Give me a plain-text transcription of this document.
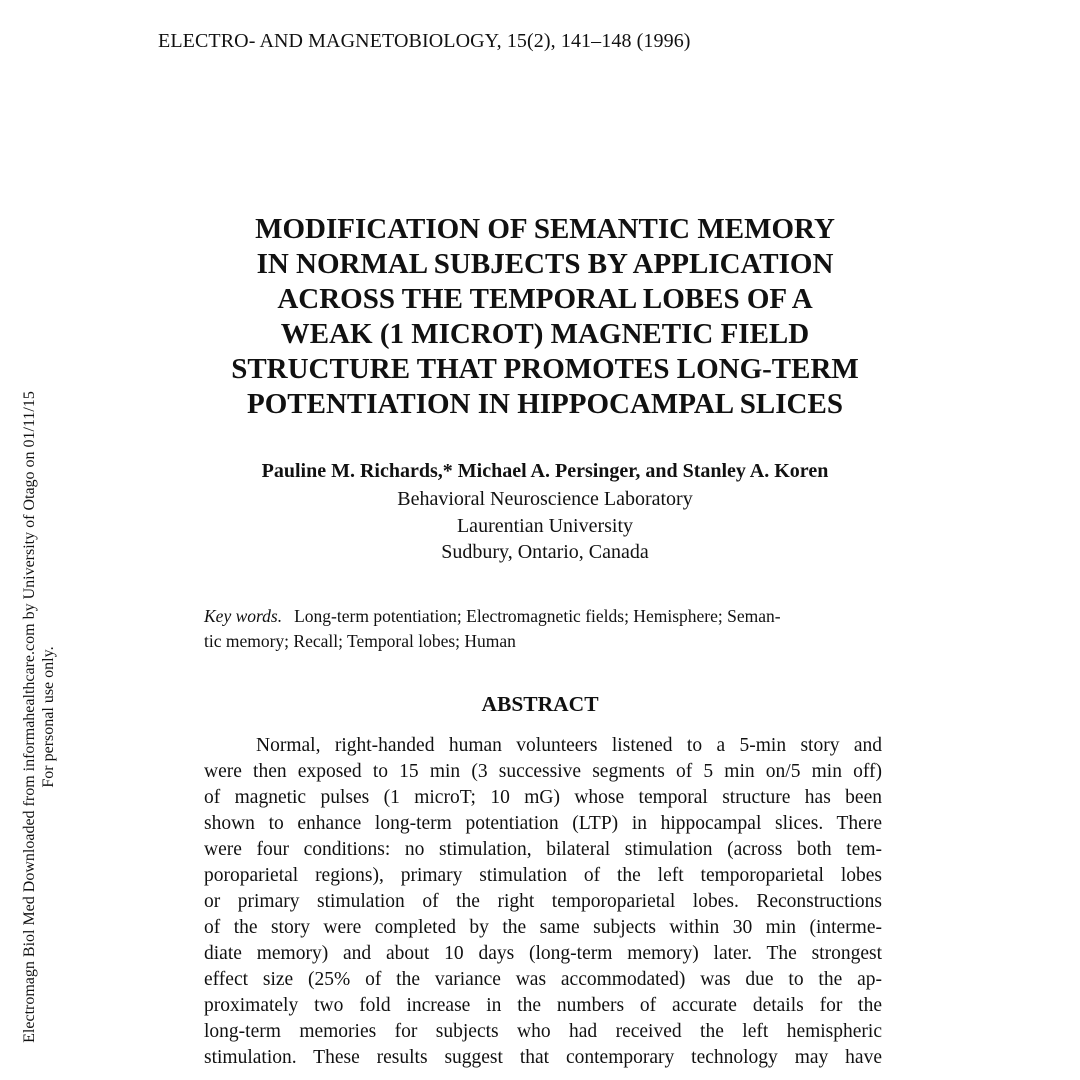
ELECTRO- AND MAGNETOBIOLOGY, 15(2), 141–148 (1996)
MODIFICATION OF SEMANTIC MEMORY
IN NORMAL SUBJECTS BY APPLICATION
ACROSS THE TEMPORAL LOBES OF A
WEAK (1 MICROT) MAGNETIC FIELD
STRUCTURE THAT PROMOTES LONG-TERM
POTENTIATION IN HIPPOCAMPAL SLICES
Pauline M. Richards,* Michael A. Persinger, and Stanley A. Koren
Behavioral Neuroscience Laboratory
Laurentian University
Sudbury, Ontario, Canada
Key words. Long-term potentiation; Electromagnetic fields; Hemisphere; Seman-
tic memory; Recall; Temporal lobes; Human
ABSTRACT
Normal, right-handed human volunteers listened to a 5-min story and
were then exposed to 15 min (3 successive segments of 5 min on/5 min off)
of magnetic pulses (1 microT; 10 mG) whose temporal structure has been
shown to enhance long-term potentiation (LTP) in hippocampal slices. There
were four conditions: no stimulation, bilateral stimulation (across both tem-
poroparietal regions), primary stimulation of the left temporoparietal lobes
or primary stimulation of the right temporoparietal lobes. Reconstructions
of the story were completed by the same subjects within 30 min (interme-
diate memory) and about 10 days (long-term memory) later. The strongest
effect size (25% of the variance was accommodated) was due to the ap-
proximately two fold increase in the numbers of accurate details for the
long-term memories for subjects who had received the left hemispheric
stimulation. These results suggest that contemporary technology may have
Electromagn Biol Med Downloaded from informahealthcare.com by University of Otago on 01/11/15 For personal use only.
